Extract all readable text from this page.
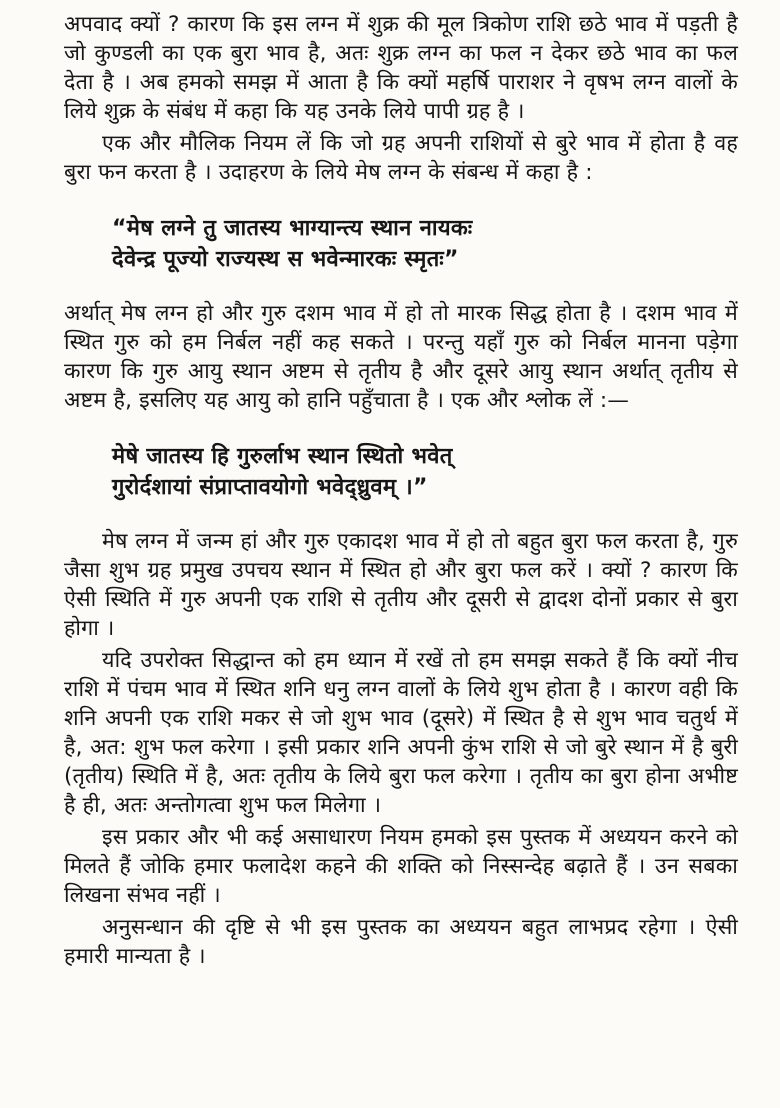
अपवाद क्यों ? कारण कि इस लग्न में शुक्र की मूल त्रिकोण राशि छठे भाव में पड़ती है जो कुण्डली का एक बुरा भाव है, अतः शुक्र लग्न का फल न देकर छठे भाव का फल देता है । अब हमको समझ में आता है कि क्यों महर्षि पाराशर ने वृषभ लग्न वालों के लिये शुक्र के संबंध में कहा कि यह उनके लिये पापी ग्रह है ।

एक और मौलिक नियम लें कि जो ग्रह अपनी राशियों से बुरे भाव में होता है वह बुरा फन करता है । उदाहरण के लिये मेष लग्न के संबन्ध में कहा है :

“मेष लग्ने तु जातस्य भाग्यान्त्य स्थान नायकः
देवेन्द्र पूज्यो राज्यस्थ स भवेन्मारकः स्मृतः”

अर्थात् मेष लग्न हो और गुरु दशम भाव में हो तो मारक सिद्ध होता है । दशम भाव में स्थित गुरु को हम निर्बल नहीं कह सकते । परन्तु यहाँ गुरु को निर्बल मानना पड़ेगा कारण कि गुरु आयु स्थान अष्टम से तृतीय है और दूसरे आयु स्थान अर्थात् तृतीय से अष्टम है, इसलिए यह आयु को हानि पहुँचाता है । एक और श्लोक लें :—

मेषे जातस्य हि गुरुर्लाभ स्थान स्थितो भवेत्
गुरोर्दशायां संप्राप्तावयोगो भवेद्ध्रुवम् ।”

मेष लग्न में जन्म हां और गुरु एकादश भाव में हो तो बहुत बुरा फल करता है, गुरु जैसा शुभ ग्रह प्रमुख उपचय स्थान में स्थित हो और बुरा फल करें । क्यों ? कारण कि ऐसी स्थिति में गुरु अपनी एक राशि से तृतीय और दूसरी से द्वादश दोनों प्रकार से बुरा होगा ।

यदि उपरोक्त सिद्धान्त को हम ध्यान में रखें तो हम समझ सकते हैं कि क्यों नीच राशि में पंचम भाव में स्थित शनि धनु लग्न वालों के लिये शुभ होता है । कारण वही कि शनि अपनी एक राशि मकर से जो शुभ भाव (दूसरे) में स्थित है से शुभ भाव चतुर्थ में है, अत: शुभ फल करेगा । इसी प्रकार शनि अपनी कुंभ राशि से जो बुरे स्थान में है बुरी (तृतीय) स्थिति में है, अतः तृतीय के लिये बुरा फल करेगा । तृतीय का बुरा होना अभीष्ट है ही, अतः अन्तोगत्वा शुभ फल मिलेगा ।

इस प्रकार और भी कई असाधारण नियम हमको इस पुस्तक में अध्ययन करने को मिलते हैं जोकि हमार फलादेश कहने की शक्ति को निस्सन्देह बढ़ाते हैं । उन सबका लिखना संभव नहीं ।

अनुसन्धान की दृष्टि से भी इस पुस्तक का अध्ययन बहुत लाभप्रद रहेगा । ऐसी हमारी मान्यता है ।
